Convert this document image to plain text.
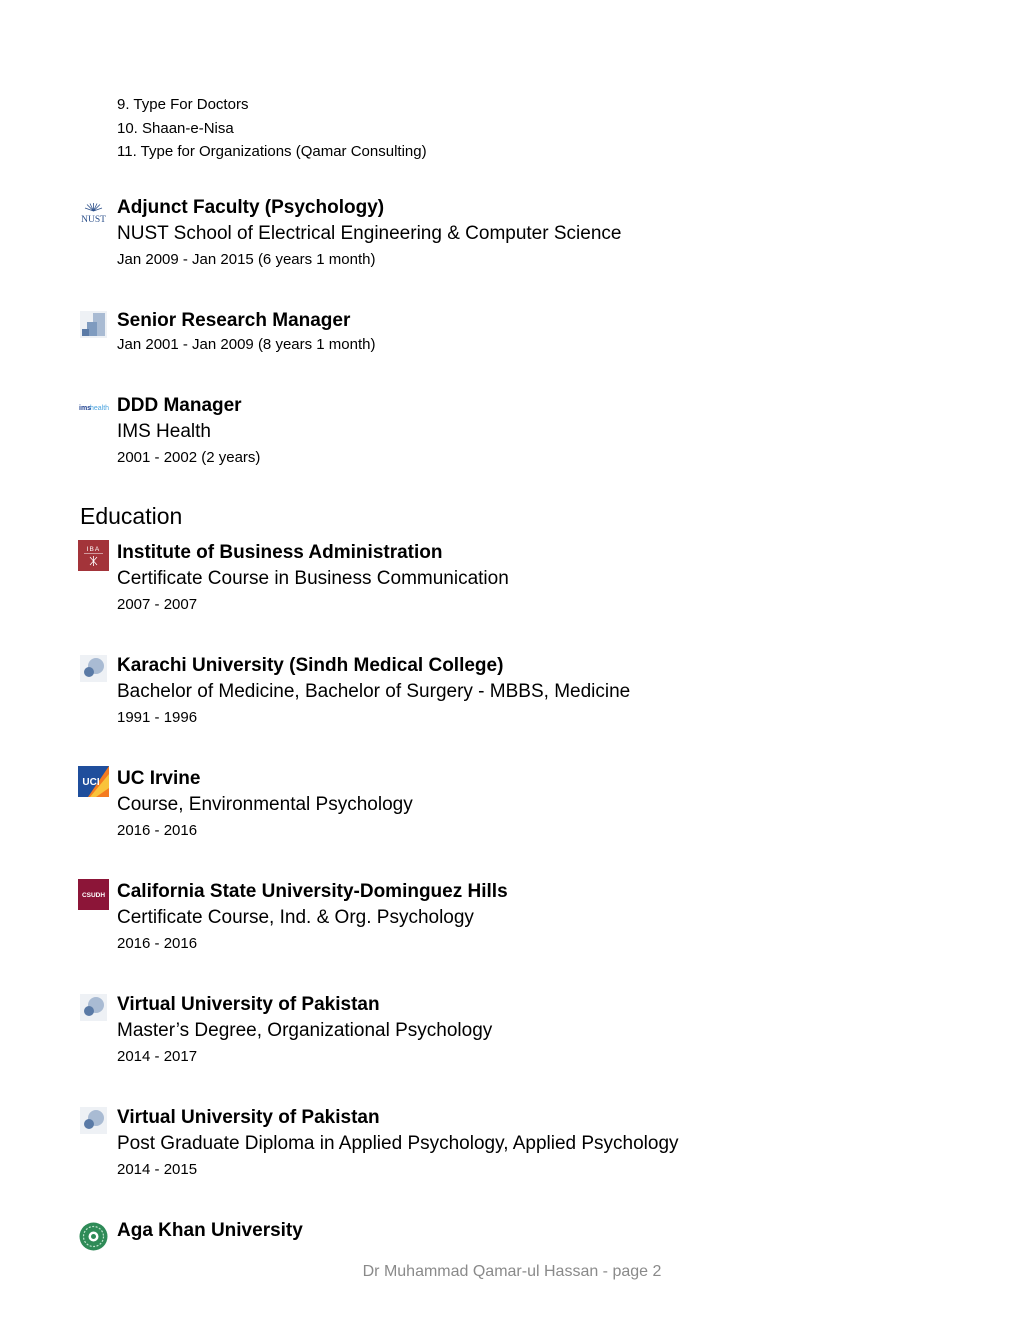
9. Type For Doctors
10. Shaan-e-Nisa
11. Type for Organizations (Qamar Consulting)
NUST
Adjunct Faculty (Psychology)
NUST School of Electrical Engineering & Computer Science
Jan 2009 - Jan 2015 (6 years 1 month)
Senior Research Manager
Jan 2001 - Jan 2009 (8 years 1 month)
ims
health DDD Manager
IMS Health
2001 - 2002 (2 years)
Education
IBA Institute of Business Administration
Certificate Course in Business Communication
2007 - 2007
Karachi University (Sindh Medical College)
Bachelor of Medicine, Bachelor of Surgery - MBBS, Medicine
1991 - 1996
UCI UC Irvine
Course, Environmental Psychology
2016 - 2016
CSUDH California State University-Dominguez Hills
Certificate Course, Ind. & Org. Psychology
2016 - 2016
Virtual University of Pakistan
Master’s Degree, Organizational Psychology
2014 - 2017
Virtual University of Pakistan
Post Graduate Diploma in Applied Psychology, Applied Psychology
2014 - 2015
Aga Khan University
Dr Muhammad Qamar-ul Hassan - page 2
